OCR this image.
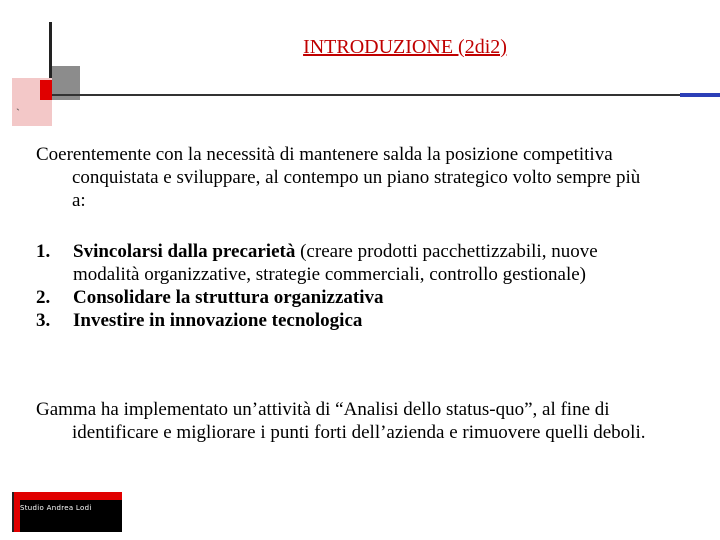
`
INTRODUZIONE (2di2)

Coerentemente con la necessità di mantenere salda la posizione competitiva conquistata e sviluppare, al contempo un piano strategico volto sempre più a:

1. Svincolarsi dalla precarietà (creare prodotti pacchettizzabili, nuove modalità organizzative, strategie commerciali, controllo gestionale)
2. Consolidare la struttura organizzativa
3. Investire in innovazione tecnologica

Gamma ha implementato un’attività di “Analisi dello status-quo”, al fine di identificare e migliorare i punti forti dell’azienda e rimuovere quelli deboli.

Studio Andrea Lodi
